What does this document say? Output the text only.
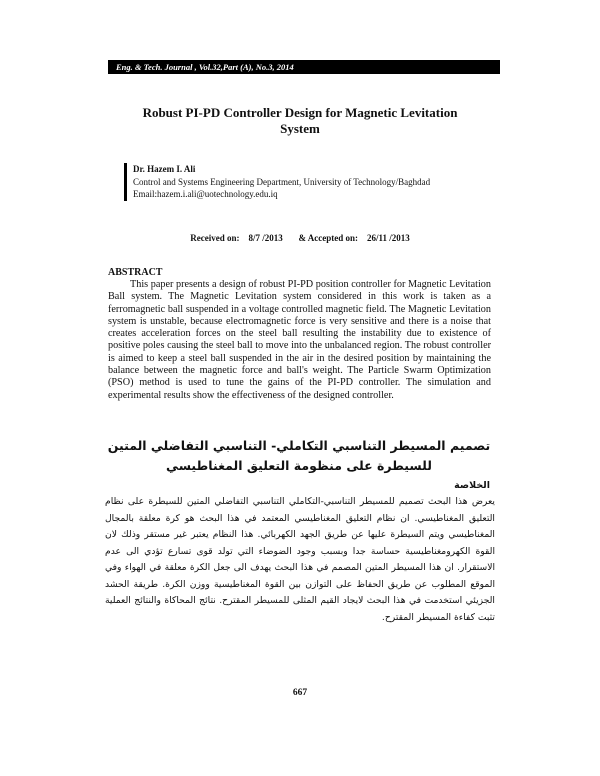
Eng. & Tech. Journal , Vol.32,Part (A), No.3, 2014
Robust PI-PD Controller Design for Magnetic Levitation System
Dr. Hazem I. Ali
Control and Systems Engineering Department, University of Technology/Baghdad
Email:hazem.i.ali@uotechnology.edu.iq
Received on: 8/7 /2013 & Accepted on: 26/11 /2013
ABSTRACT

This paper presents a design of robust PI-PD position controller for Magnetic Levitation Ball system. The Magnetic Levitation system considered in this work is taken as a ferromagnetic ball suspended in a voltage controlled magnetic field. The Magnetic Levitation system is unstable, because electromagnetic force is very sensitive and there is a noise that creates acceleration forces on the steel ball resulting the instability due to existence of positive poles causing the steel ball to move into the unbalanced region. The robust controller is aimed to keep a steel ball suspended in the air in the desired position by maintaining the balance between the magnetic force and ball's weight. The Particle Swarm Optimization (PSO) method is used to tune the gains of the PI-PD controller. The simulation and experimental results show the effectiveness of the designed controller.

تصميم المسيطر التناسبي التكاملي- التناسبي التفاضلي المتين للسيطرة على منظومة التعليق المغناطيسي
الخلاصة

يعرض هذا البحث تصميم للمسيطر التناسبي-التكاملي التناسبي التفاضلي المتين للسيطرة على نظام التعليق المغناطيسي. ان نظام التعليق المغناطيسي المعتمد في هذا البحث هو كرة معلقة بالمجال المغناطيسي ويتم السيطرة عليها عن طريق الجهد الكهربائي. هذا النظام يعتبر غير مستقر وذلك لان القوة الكهرومغناطيسية حساسة جدا وبسبب وجود الضوضاء التي تولد قوى تسارع تؤدي الى عدم الاستقرار. ان هذا المسيطر المتين المصمم في هذا البحث يهدف الى جعل الكرة معلقة في الهواء وفي الموقع المطلوب عن طريق الحفاظ على التوازن بين القوة المغناطيسية ووزن الكرة. طريقة الحشد الجزيئي استخدمت في هذا البحث لايجاد القيم المثلى للمسيطر المقترح. نتائج المحاكاة والنتائج العملية تثبت كفاءة المسيطر المقترح.

667
